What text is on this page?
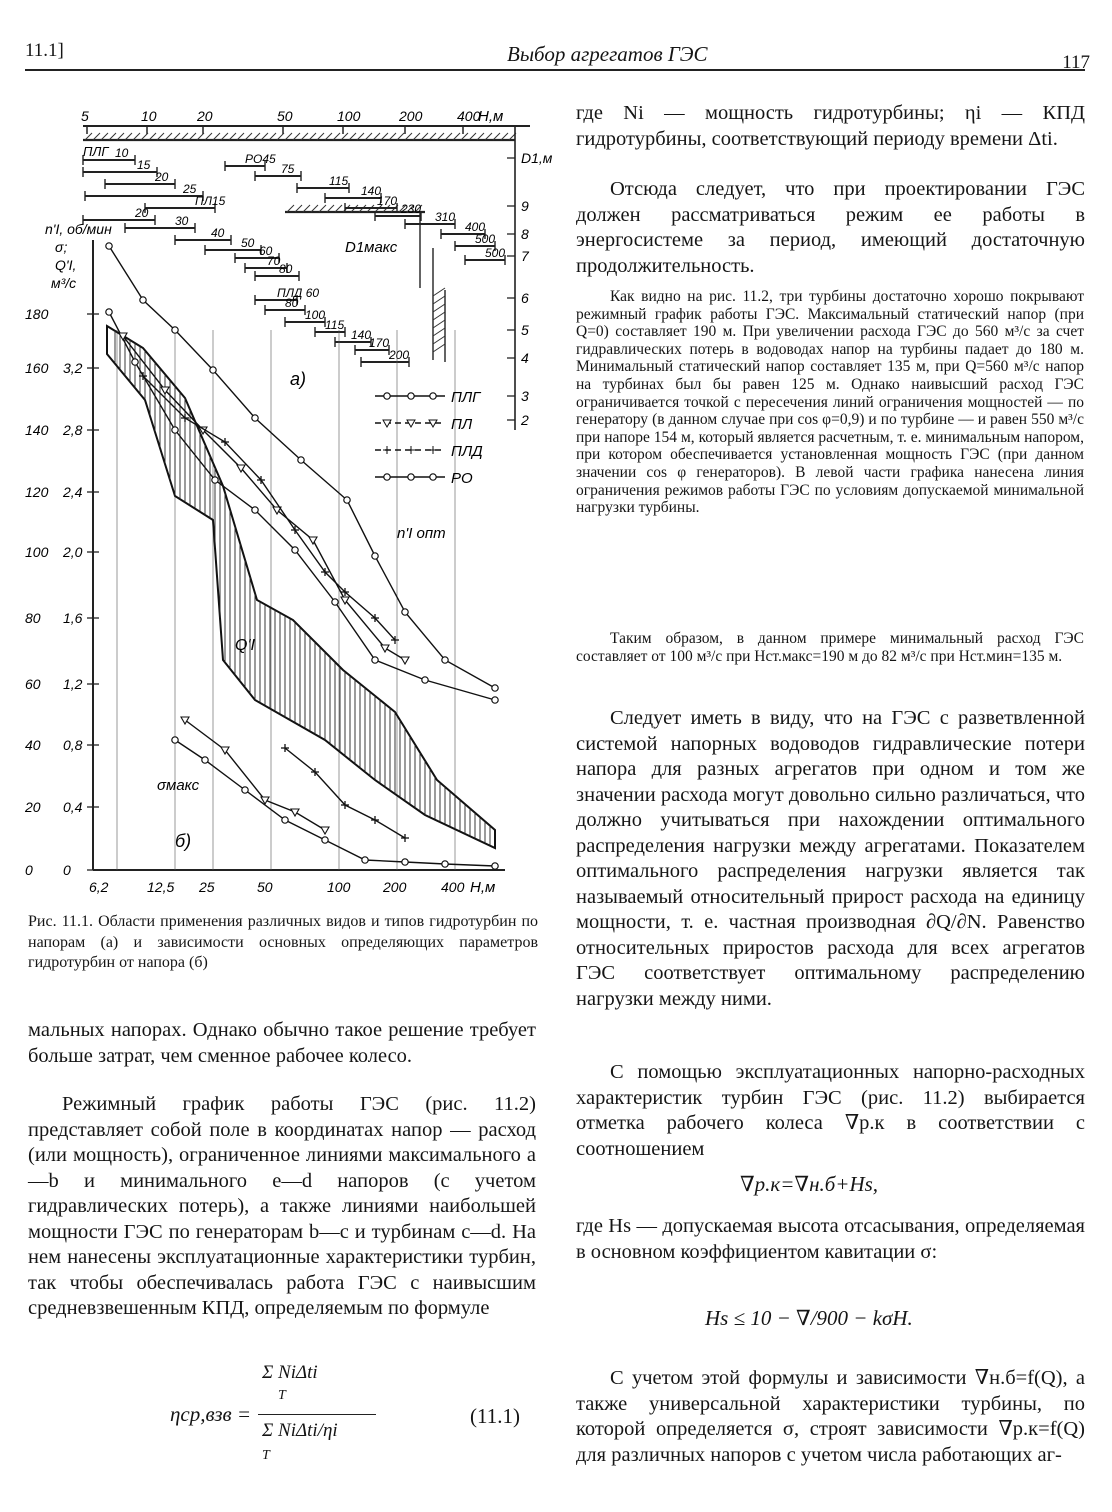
11.1]	Выбор агрегатов ГЭС	117
5	10	20	50	100	200 400
D1,м
9
8
7
6
5
4
3
2
10
15
20
25
ПЛ15
20
30
40
50
60
70
80
ПЛД 60
80
100
115
140
170
200
РО45
75
115
140
170
230
310
400
500
500
ПЛГ
180
160
140
120
100
80
60
40
20
0
3,2
2,8
2,4
2,0
1,6
1,2
0,8
0,4
0
6,2	12,5 25	50	100 200 400
ПЛГ
ПЛ
ПЛД
РО
n'I, об/мин
σ;
Q'I,
м³/с
а)
б)
D1макс
n'I опт
Q'I
σмакс
H,м
H,м
Рис. 11.1. Области применения различных видов и типов гидротурбин по напорам (а) и зависимости основных определяющих параметров гидротурбин от напора (б)

мальных напорах. Однако обычно такое решение требует больше затрат, чем сменное рабочее колесо.

Режимный график работы ГЭС (рис. 11.2) представляет собой поле в координатах напор — расход (или мощность), ограниченное линиями максимального a—b и минимального e—d напоров (с учетом гидравлических потерь), а также линиями наибольшей мощности ГЭС по генераторам b—c и турбинам c—d. На нем нанесены эксплуатационные характеристики турбин, так чтобы обеспечивалась работа ГЭС с наивысшим средневзвешенным КПД, определяемым по формуле

ηср,взв =
Σ NiΔti
T
Σ NiΔti/ηi
T
(11.1)

где Ni — мощность гидротурбины; ηi — КПД гидротурбины, соответствующий периоду времени Δti.

Отсюда следует, что при проектировании ГЭС должен рассматриваться режим ее работы в энергосистеме за период, имеющий достаточную продолжительность.

Как видно на рис. 11.2, три турбины достаточно хорошо покрывают режимный график работы ГЭС. Максимальный статический напор (при Q=0) составляет 190 м. При увеличении расхода ГЭС до 560 м³/с за счет гидравлических потерь в водоводах напор на турбины падает до 180 м. Минимальный статический напор составляет 135 м, при Q=560 м³/с напор на турбинах был бы равен 125 м. Однако наивысший расход ГЭС ограничивается точкой c пересечения линий ограничения мощностей — по генератору (в данном случае при cos φ=0,9) и по турбине — и равен 550 м³/с при напоре 154 м, который является расчетным, т. е. минимальным напором, при котором обеспечивается установленная мощность ГЭС (при данном значении cos φ генераторов). В левой части графика нанесена линия ограничения режимов работы ГЭС по условиям допускаемой минимальной нагрузки турбины.

Таким образом, в данном примере минимальный расход ГЭС составляет от 100 м³/с при Hст.макс=190 м до 82 м³/с при Hст.мин=135 м.

Следует иметь в виду, что на ГЭС с разветвленной системой напорных водоводов гидравлические потери напора для разных агрегатов при одном и том же значении расхода могут довольно сильно различаться, что должно учитываться при нахождении оптимального распределения нагрузки между агрегатами. Показателем оптимального распределения нагрузки является так называемый относительный прирост расхода на единицу мощности, т. е. частная производная ∂Q/∂N. Равенство относительных приростов расхода для всех агрегатов ГЭС соответствует оптимальному распределению нагрузки между ними.

С помощью эксплуатационных напорно-расходных характеристик турбин ГЭС (рис. 11.2) выбирается отметка рабочего колеса ∇р.к в соответствии с соотношением

∇р.к=∇н.б+Hs,

где Hs — допускаемая высота отсасывания, определяемая в основном коэффициентом кавитации σ:

Hs ≤ 10 − ∇/900 − kσH.

С учетом этой формулы и зависимости ∇н.б=f(Q), а также универсальной характеристики турбины, по которой определяется σ, строят зависимости ∇р.к=f(Q) для различных напоров с учетом числа работающих аг-
